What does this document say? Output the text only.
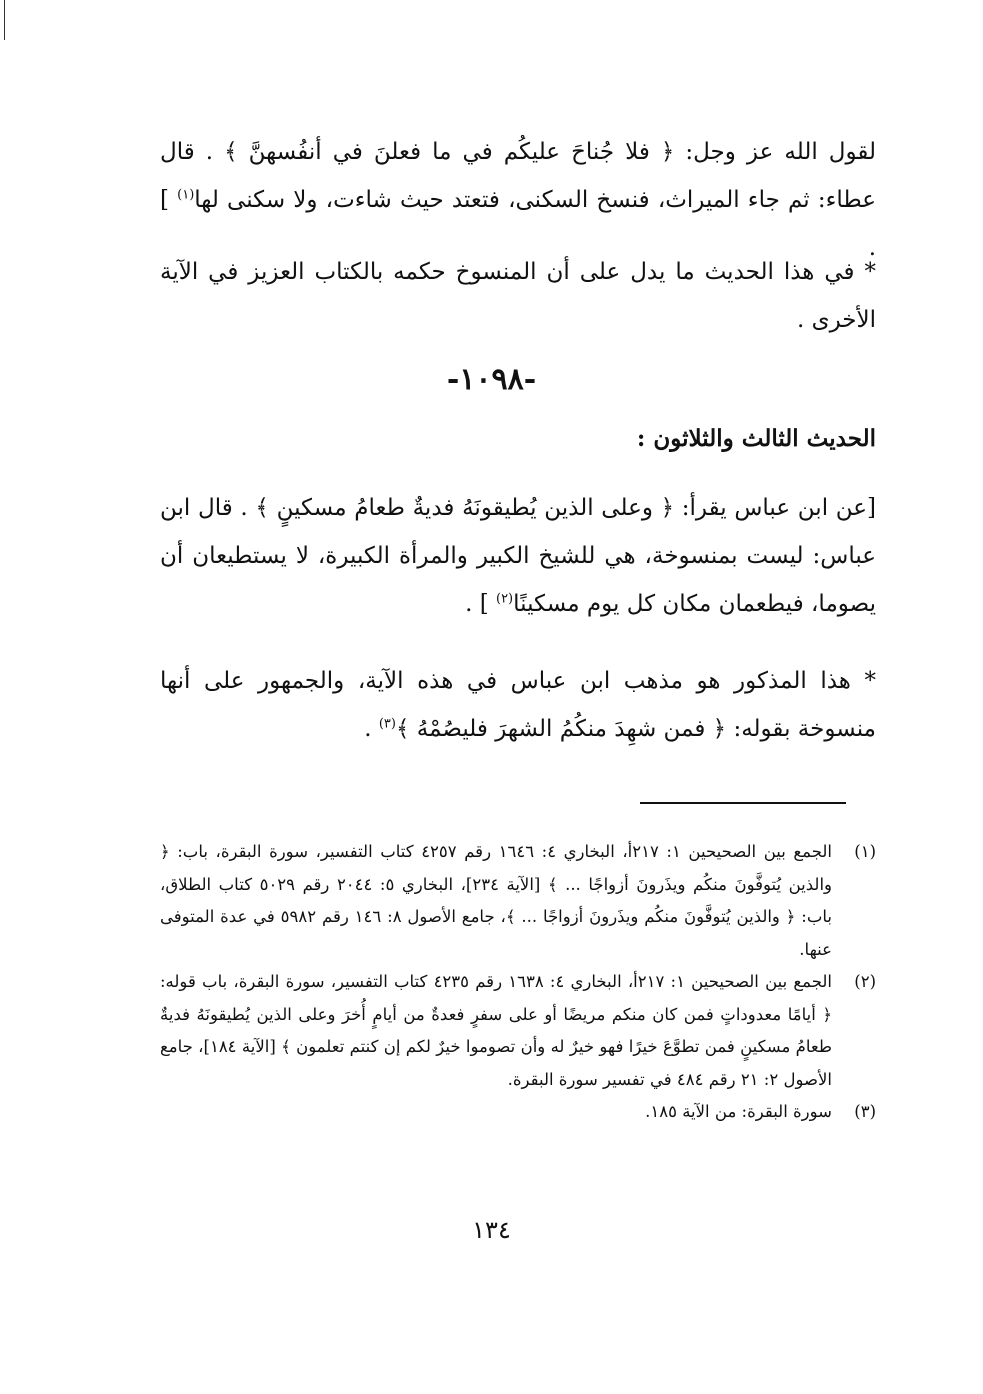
لقول الله عز وجل: ﴿ فلا جُناحَ عليكُم في ما فعلنَ في أنفُسهنَّ ﴾ . قال عطاء: ثم جاء الميراث، فنسخ السكنى، فتعتد حيث شاءت، ولا سكنى لها$^{(١)}$ ] .

* في هذا الحديث ما يدل على أن المنسوخ حكمه بالكتاب العزيز في الآية الأخرى .

-١٠٩٨-
الحديث الثالث والثلاثون :

[عن ابن عباس يقرأ: ﴿ وعلى الذين يُطيقونَهُ فديةٌ طعامُ مسكينٍ ﴾ . قال ابن عباس: ليست بمنسوخة، هي للشيخ الكبير والمرأة الكبيرة، لا يستطيعان أن يصوما، فيطعمان مكان كل يوم مسكينًا$^{(٢)}$ ] .

* هذا المذكور هو مذهب ابن عباس في هذه الآية، والجمهور على أنها منسوخة بقوله: ﴿ فمن شهِدَ منكُمُ الشهرَ فليصُمْهُ ﴾$^{(٣)}$ .

(١)
الجمع بين الصحيحين ١: ٢١٧أ، البخاري ٤: ١٦٤٦ رقم ٤٢٥٧ كتاب التفسير، سورة البقرة، باب: ﴿ والذين يُتوفَّونَ منكُم ويذَرونَ أزواجًا ... ﴾ [الآية ٢٣٤]، البخاري ٥: ٢٠٤٤ رقم ٥٠٢٩ كتاب الطلاق، باب: ﴿ والذين يُتوفَّونَ منكُم ويذَرونَ أزواجًا ... ﴾، جامع الأصول ٨: ١٤٦ رقم ٥٩٨٢ في عدة المتوفى عنها.
(٢)
الجمع بين الصحيحين ١: ٢١٧أ، البخاري ٤: ١٦٣٨ رقم ٤٢٣٥ كتاب التفسير، سورة البقرة، باب قوله: ﴿ أيامًا معدوداتٍ فمن كان منكم مريضًا أو على سفرٍ فعدةٌ من أيامٍ أُخرَ وعلى الذين يُطيقونَهُ فديةٌ طعامُ مسكينٍ فمن تطوَّعَ خيرًا فهو خيرٌ له وأن تصوموا خيرٌ لكم إن كنتم تعلمون ﴾ [الآية ١٨٤]، جامع الأصول ٢: ٢١ رقم ٤٨٤ في تفسير سورة البقرة.
(٣)
سورة البقرة: من الآية ١٨٥.
١٣٤
